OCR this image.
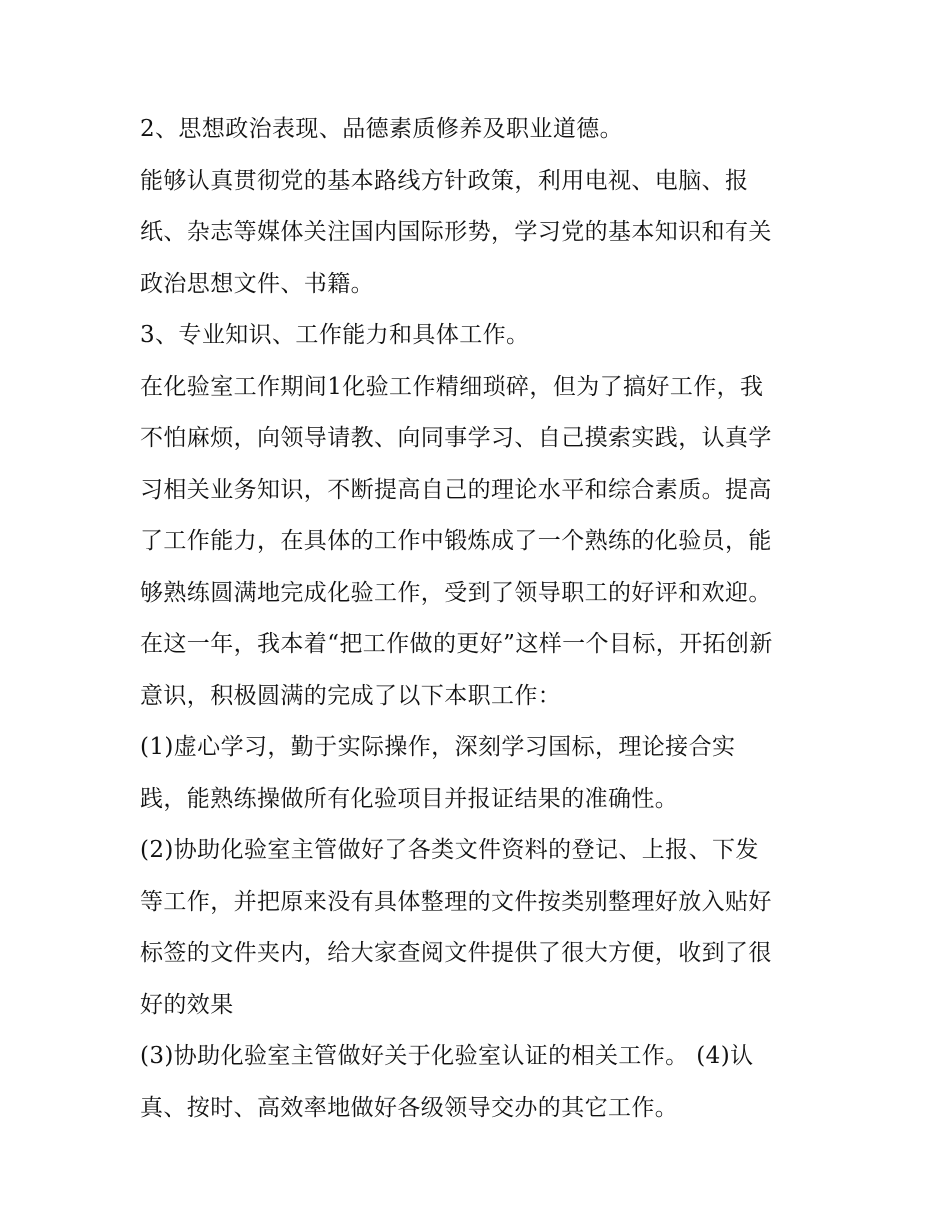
2、思想政治表现、品德素质修养及职业道德。
能够认真贯彻党的基本路线方针政策，利用电视、电脑、报
纸、杂志等媒体关注国内国际形势，学习党的基本知识和有关
政治思想文件、书籍。
3、专业知识、工作能力和具体工作。
在化验室工作期间1化验工作精细琐碎，但为了搞好工作，我
不怕麻烦，向领导请教、向同事学习、自己摸索实践，认真学
习相关业务知识，不断提高自己的理论水平和综合素质。提高
了工作能力，在具体的工作中锻炼成了一个熟练的化验员，能
够熟练圆满地完成化验工作，受到了领导职工的好评和欢迎。
在这一年，我本着“把工作做的更好”这样一个目标，开拓创新
意识，积极圆满的完成了以下本职工作：
(1)虚心学习，勤于实际操作，深刻学习国标，理论接合实
践，能熟练操做所有化验项目并报证结果的准确性。
(2)协助化验室主管做好了各类文件资料的登记、上报、下发
等工作，并把原来没有具体整理的文件按类别整理好放入贴好
标签的文件夹内，给大家查阅文件提供了很大方便，收到了很
好的效果
(3)协助化验室主管做好关于化验室认证的相关工作。 (4)认
真、按时、高效率地做好各级领导交办的其它工作。
